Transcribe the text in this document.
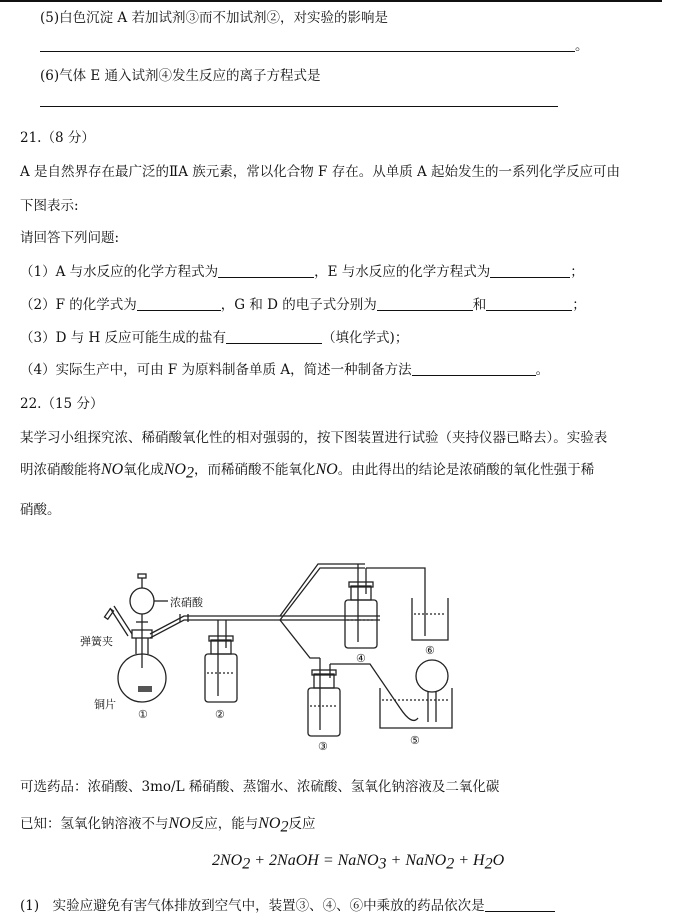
(5)白色沉淀 A 若加试剂③而不加试剂②，对实验的影响是
。
(6)气体 E 通入试剂④发生反应的离子方程式是
21.（8 分）
A 是自然界存在最广泛的ⅡA 族元素，常以化合物 F 存在。从单质 A 起始发生的一系列化学反应可由
下图表示:
请回答下列问题:
（1）A 与水反应的化学方程式为	，E 与水反应的化学方程式为	；
（2）F 的化学式为	，G 和 D 的电子式分别为	和	；
（3）D 与 H 反应可能生成的盐有	（填化学式)；
（4）实际生产中，可由 F 为原料制备单质 A，简述一种制备方法	。
22.（15 分）
某学习小组探究浓、稀硝酸氧化性的相对强弱的，按下图装置进行试验（夹持仪器已略去）。实验表
明浓硝酸能将NO氧化成$NO_2$，而稀硝酸不能氧化NO。由此得出的结论是浓硝酸的氧化性强于稀
硝酸。
浓硝酸
弹簧夹
铜片
①	②
③
④
⑤
⑥
可选药品：浓硝酸、3mo/L 稀硝酸、蒸馏水、浓硫酸、氢氧化钠溶液及二氧化碳
已知：氢氧化钠溶液不与NO反应，能与$NO_2$反应
$2NO_2$ + 2NaOH = NaNO$_3$ + NaNO$_2$ + $H_2O$
(1)　实验应避免有害气体排放到空气中，装置③、④、⑥中乘放的药品依次是
